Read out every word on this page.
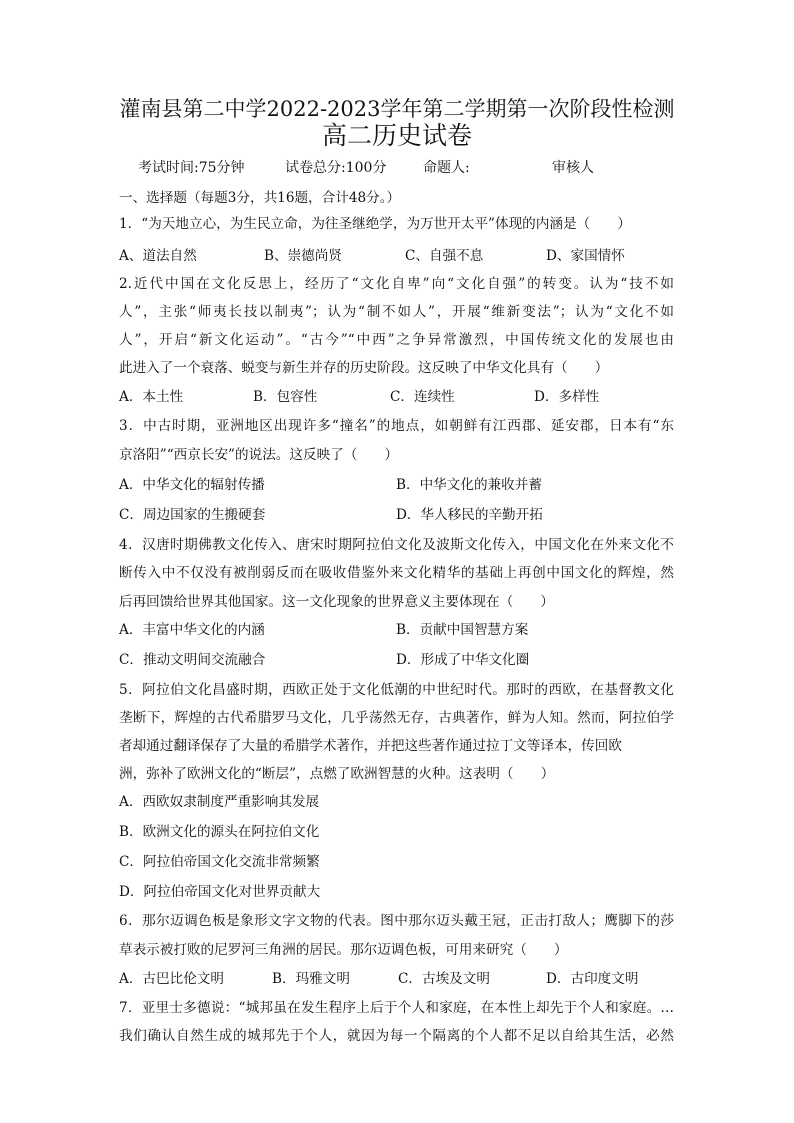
灌南县第二中学2022-2023学年第二学期第一次阶段性检测
高二历史试卷
考试时间:75分钟	试卷总分:100分	命题人:	审核人
一、选择题（每题3分，共16题，合计48分。）
1．“为天地立心，为生民立命，为往圣继绝学，为万世开太平”体现的内涵是（　　）
A、道法自然	B、崇德尚贤	C、自强不息	D、家国情怀
2.近代中国在文化反思上，经历了“文化自卑”向“文化自强”的转变。认为“技不如
人”，主张“师夷长技以制夷”；认为“制不如人”，开展“维新变法”；认为“文化不如
人”，开启“新文化运动”。“古今”“中西”之争异常激烈，中国传统文化的发展也由
此进入了一个衰落、蜕变与新生并存的历史阶段。这反映了中华文化具有（　　）
A．本土性	B．包容性	C．连续性	D．多样性
3．中古时期，亚洲地区出现许多“撞名”的地点，如朝鲜有江西郡、延安郡，日本有“东
京洛阳”“西京长安”的说法。这反映了（　　）
A．中华文化的辐射传播	B．中华文化的兼收并蓄
C．周边国家的生搬硬套	D．华人移民的辛勤开拓
4．汉唐时期佛教文化传入、唐宋时期阿拉伯文化及波斯文化传入，中国文化在外来文化不
断传入中不仅没有被削弱反而在吸收借鉴外来文化精华的基础上再创中国文化的辉煌，然
后再回馈给世界其他国家。这一文化现象的世界意义主要体现在（　　）
A．丰富中华文化的内涵	B．贡献中国智慧方案
C．推动文明间交流融合	D．形成了中华文化圈
5．阿拉伯文化昌盛时期，西欧正处于文化低潮的中世纪时代。那时的西欧，在基督教文化
垄断下，辉煌的古代希腊罗马文化，几乎荡然无存，古典著作，鲜为人知。然而，阿拉伯学
者却通过翻译保存了大量的希腊学术著作，并把这些著作通过拉丁文等译本，传回欧
洲，弥补了欧洲文化的“断层”，点燃了欧洲智慧的火种。这表明（　　）
A．西欧奴隶制度严重影响其发展
B．欧洲文化的源头在阿拉伯文化
C．阿拉伯帝国文化交流非常频繁
D．阿拉伯帝国文化对世界贡献大
6．那尔迈调色板是象形文字文物的代表。图中那尔迈头戴王冠，正击打敌人；鹰脚下的莎
草表示被打败的尼罗河三角洲的居民。那尔迈调色板，可用来研究（　　）
A．古巴比伦文明	B．玛雅文明	C．古埃及文明	D．古印度文明
7．亚里士多德说：“城邦虽在发生程序上后于个人和家庭，在本性上却先于个人和家庭。…
我们确认自然生成的城邦先于个人，就因为每一个隔离的个人都不足以自给其生活，必然
